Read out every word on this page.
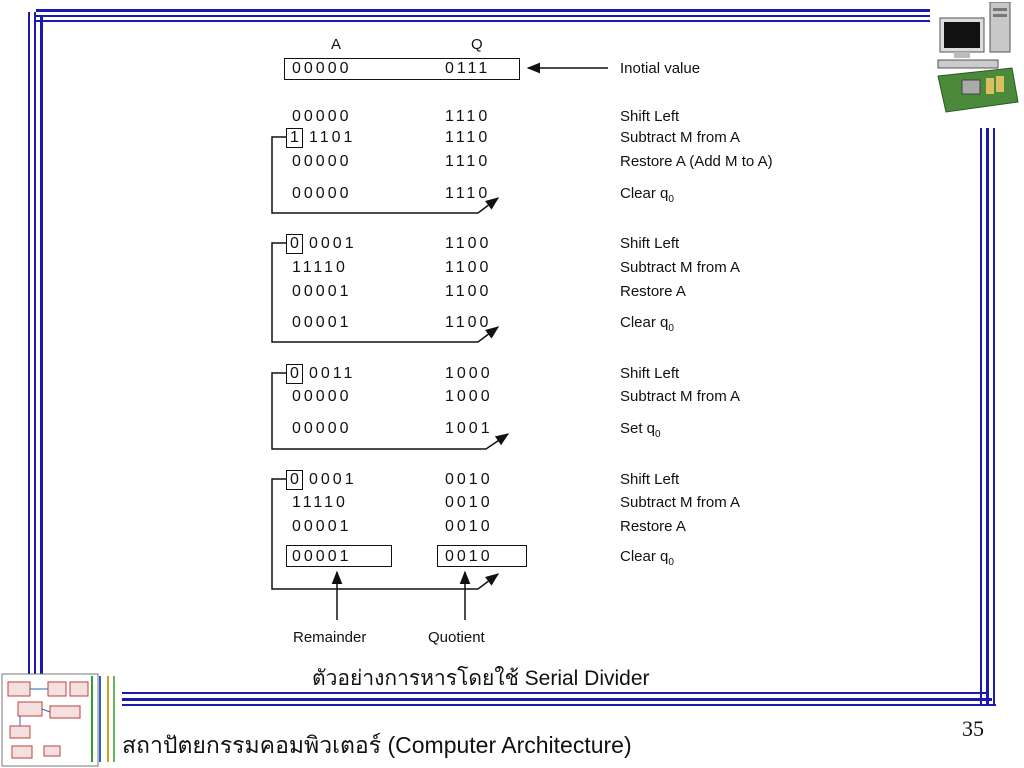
A	Q
00000	0111	Inotial value
00000	1110	Shift Left
1 1101	1110	Subtract M from A
00000	1110	Restore A (Add M to A)
00000	1110	Clear $q_0$
0 0001	1100	Shift Left
11110	1100	Subtract M from A
00001	1100	Restore A
00001	1100	Clear $q_0$
0 0011	1000	Shift Left
00000	1000	Subtract M from A
00000	1001	Set $q_0$
0 0001	0010	Shift Left
11110	0010	Subtract M from A
00001	0010	Restore A
00001	0010	Clear $q_0$
Remainder	Quotient
ตัวอย่างการหารโดยใช้ Serial Divider
สถาปัตยกรรมคอมพิวเตอร์ (Computer Architecture)
35
